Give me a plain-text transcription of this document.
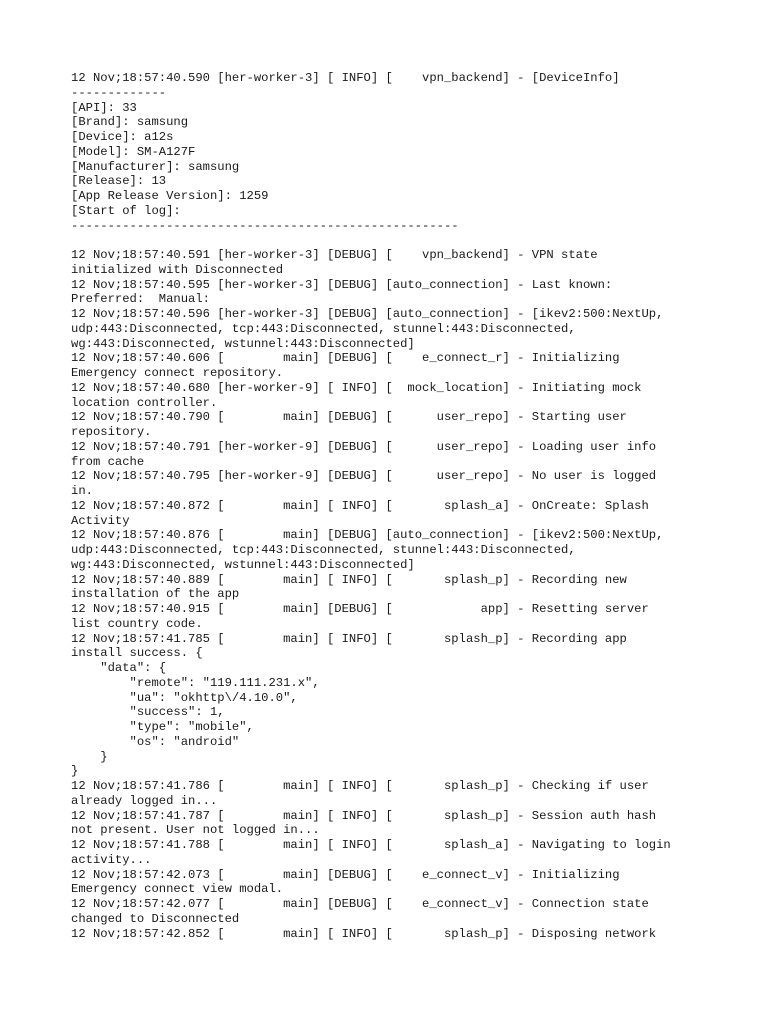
12 Nov;18:57:40.590 [her-worker-3] [ INFO] [    vpn_backend] - [DeviceInfo]
-------------
[API]: 33
[Brand]: samsung
[Device]: a12s
[Model]: SM-A127F
[Manufacturer]: samsung
[Release]: 13
[App Release Version]: 1259
[Start of log]:
-----------------------------------------------------
12 Nov;18:57:40.591 [her-worker-3] [DEBUG] [    vpn_backend] - VPN state
initialized with Disconnected
12 Nov;18:57:40.595 [her-worker-3] [DEBUG] [auto_connection] - Last known:
Preferred:  Manual:
12 Nov;18:57:40.596 [her-worker-3] [DEBUG] [auto_connection] - [ikev2:500:NextUp,
udp:443:Disconnected, tcp:443:Disconnected, stunnel:443:Disconnected,
wg:443:Disconnected, wstunnel:443:Disconnected]
12 Nov;18:57:40.606 [        main] [DEBUG] [    e_connect_r] - Initializing
Emergency connect repository.
12 Nov;18:57:40.680 [her-worker-9] [ INFO] [  mock_location] - Initiating mock
location controller.
12 Nov;18:57:40.790 [        main] [DEBUG] [      user_repo] - Starting user
repository.
12 Nov;18:57:40.791 [her-worker-9] [DEBUG] [      user_repo] - Loading user info
from cache
12 Nov;18:57:40.795 [her-worker-9] [DEBUG] [      user_repo] - No user is logged
in.
12 Nov;18:57:40.872 [        main] [ INFO] [       splash_a] - OnCreate: Splash
Activity
12 Nov;18:57:40.876 [        main] [DEBUG] [auto_connection] - [ikev2:500:NextUp,
udp:443:Disconnected, tcp:443:Disconnected, stunnel:443:Disconnected,
wg:443:Disconnected, wstunnel:443:Disconnected]
12 Nov;18:57:40.889 [        main] [ INFO] [       splash_p] - Recording new
installation of the app
12 Nov;18:57:40.915 [        main] [DEBUG] [            app] - Resetting server
list country code.
12 Nov;18:57:41.785 [        main] [ INFO] [       splash_p] - Recording app
install success. {
"data": {
"remote": "119.111.231.x",
"ua": "okhttp\/4.10.0",
"success": 1,
"type": "mobile",
"os": "android"
}
}
12 Nov;18:57:41.786 [        main] [ INFO] [       splash_p] - Checking if user
already logged in...
12 Nov;18:57:41.787 [        main] [ INFO] [       splash_p] - Session auth hash
not present. User not logged in...
12 Nov;18:57:41.788 [        main] [ INFO] [       splash_a] - Navigating to login
activity...
12 Nov;18:57:42.073 [        main] [DEBUG] [    e_connect_v] - Initializing
Emergency connect view modal.
12 Nov;18:57:42.077 [        main] [DEBUG] [    e_connect_v] - Connection state
changed to Disconnected
12 Nov;18:57:42.852 [        main] [ INFO] [       splash_p] - Disposing network
